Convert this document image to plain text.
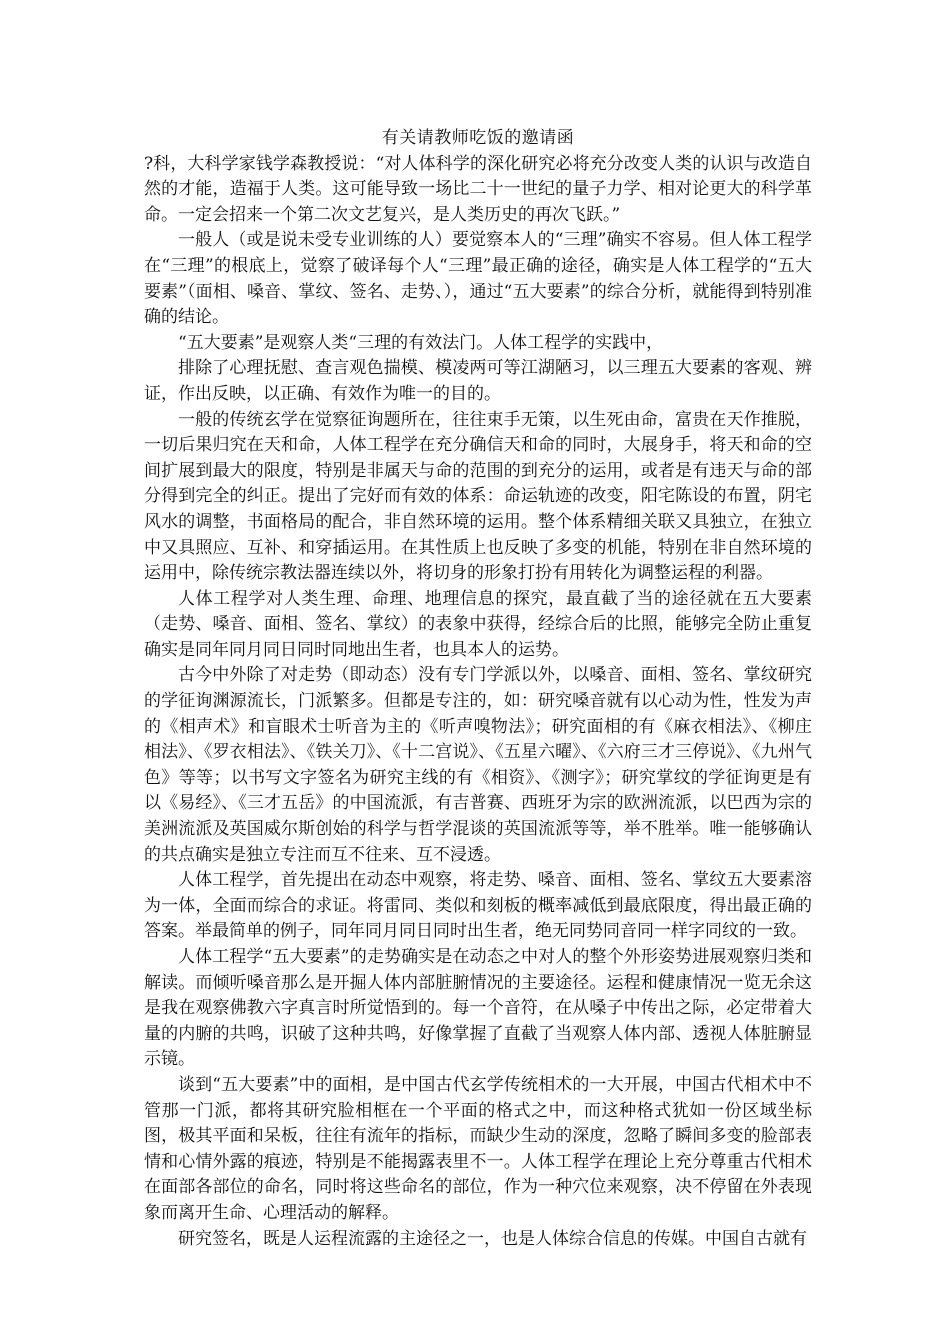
有关请教师吃饭的邀请函

?科，大科学家钱学森教授说：“对人体科学的深化研究必将充分改变人类的认识与改造自然的才能，造福于人类。这可能导致一场比二十一世纪的量子力学、相对论更大的科学革命。一定会招来一个第二次文艺复兴，是人类历史的再次飞跃。”

一般人（或是说未受专业训练的人）要觉察本人的“三理”确实不容易。但人体工程学在“三理”的根底上，觉察了破译每个人“三理”最正确的途径，确实是人体工程学的“五大要素”（面相、嗓音、掌纹、签名、走势、），通过“五大要素”的综合分析，就能得到特别准确的结论。

“五大要素”是观察人类“三理的有效法门。人体工程学的实践中，

排除了心理抚慰、查言观色揣模、模凌两可等江湖陋习，以三理五大要素的客观、辨证，作出反映，以正确、有效作为唯一的目的。

一般的传统玄学在觉察征询题所在，往往束手无策，以生死由命，富贵在天作推脱，一切后果归究在天和命，人体工程学在充分确信天和命的同时，大展身手，将天和命的空间扩展到最大的限度，特别是非属天与命的范围的到充分的运用，或者是有违天与命的部分得到完全的纠正。提出了完好而有效的体系：命运轨迹的改变，阳宅陈设的布置，阴宅风水的调整，书面格局的配合，非自然环境的运用。整个体系精细关联又具独立，在独立中又具照应、互补、和穿插运用。在其性质上也反映了多变的机能，特别在非自然环境的运用中，除传统宗教法器连续以外，将切身的形象打扮有用转化为调整运程的利器。

人体工程学对人类生理、命理、地理信息的探究，最直截了当的途径就在五大要素（走势、嗓音、面相、签名、掌纹）的表象中获得，经综合后的比照，能够完全防止重复确实是同年同月同日同时同地出生者，也具本人的运势。

古今中外除了对走势（即动态）没有专门学派以外，以嗓音、面相、签名、掌纹研究的学征询渊源流长，门派繁多。但都是专注的，如：研究嗓音就有以心动为性，性发为声的《相声术》和盲眼术士听音为主的《听声嗅物法》；研究面相的有《麻衣相法》、《柳庄相法》、《罗衣相法》、《铁关刀》、《十二宫说》、《五星六曜》、《六府三才三停说》、《九州气色》等等；以书写文字签名为研究主线的有《相资》、《测字》；研究掌纹的学征询更是有以《易经》、《三才五岳》的中国流派，有吉普赛、西班牙为宗的欧洲流派，以巴西为宗的美洲流派及英国威尔斯创始的科学与哲学混谈的英国流派等等，举不胜举。唯一能够确认的共点确实是独立专注而互不往来、互不浸透。

人体工程学，首先提出在动态中观察，将走势、嗓音、面相、签名、掌纹五大要素溶为一体，全面而综合的求证。将雷同、类似和刻板的概率减低到最底限度，得出最正确的答案。举最简单的例子，同年同月同日同时出生者，绝无同势同音同一样字同纹的一致。

人体工程学“五大要素”的走势确实是在动态之中对人的整个外形姿势进展观察归类和解读。而倾听嗓音那么是开掘人体内部脏腑情况的主要途径。运程和健康情况一览无余这是我在观察佛教六字真言时所觉悟到的。每一个音符，在从嗓子中传出之际，必定带着大量的内腑的共鸣，识破了这种共鸣，好像掌握了直截了当观察人体内部、透视人体脏腑显示镜。

谈到“五大要素”中的面相，是中国古代玄学传统相术的一大开展，中国古代相术中不管那一门派，都将其研究脸相框在一个平面的格式之中，而这种格式犹如一份区域坐标图，极其平面和呆板，往往有流年的指标，而缺少生动的深度，忽略了瞬间多变的脸部表情和心情外露的痕迹，特别是不能揭露表里不一。人体工程学在理论上充分尊重古代相术在面部各部位的命名，同时将这些命名的部位，作为一种穴位来观察，决不停留在外表现象而离开生命、心理活动的解释。

研究签名，既是人运程流露的主途径之一，也是人体综合信息的传媒。中国自古就有
